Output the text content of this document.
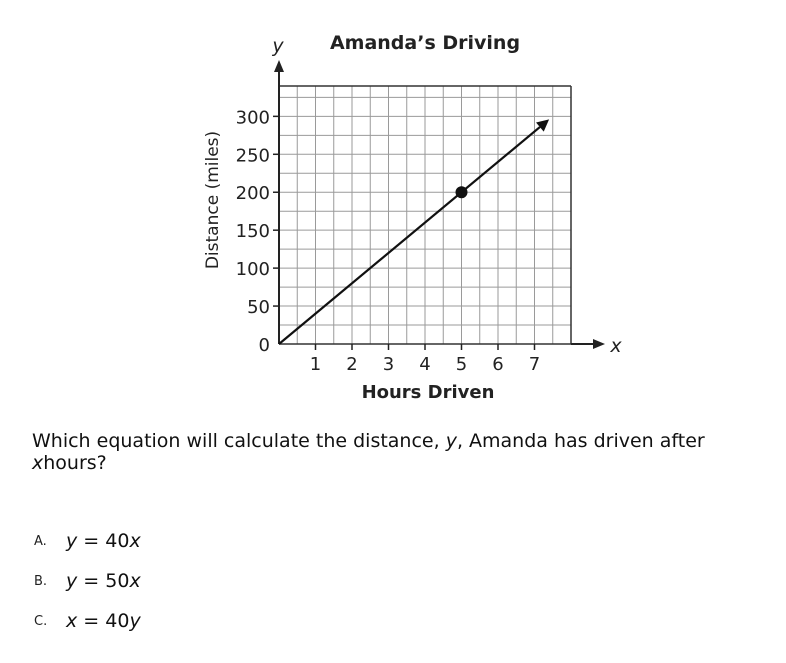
Amanda’s Driving
y
x
Distance (miles)
Hours Driven
0
50
100
150
200
250
300
1 2 3 4 5 6 7
Which equation will calculate the distance, y, Amanda has driven after
xhours?
A. y = 40x
B. y = 50x
C. x = 40y
